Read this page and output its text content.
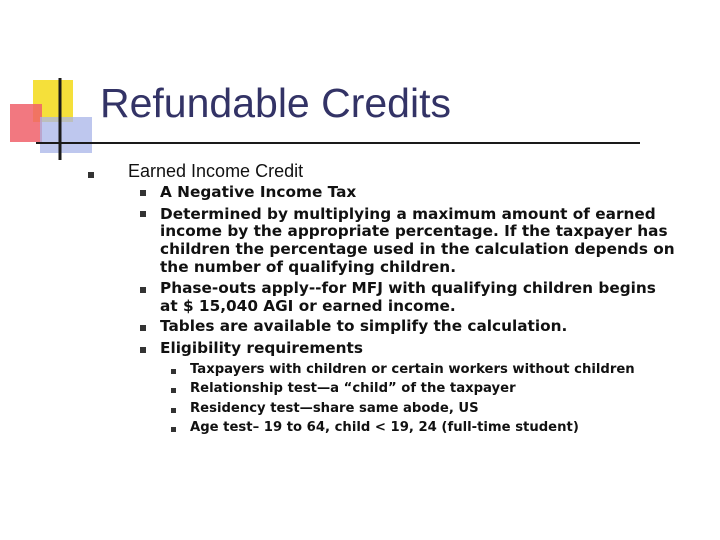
Refundable Credits
Earned Income Credit
A Negative Income Tax
Determined by multiplying a maximum amount of earned
income by the appropriate percentage. If the taxpayer has
children the percentage used in the calculation depends on
the number of qualifying children.
Phase-outs apply--for MFJ with qualifying children begins
at $ 15,040 AGI or earned income.
Tables are available to simplify the calculation.
Eligibility requirements
Taxpayers with children or certain workers without children
Relationship test—a “child” of the taxpayer
Residency test—share same abode, US
Age test– 19 to 64, child < 19, 24 (full-time student)
